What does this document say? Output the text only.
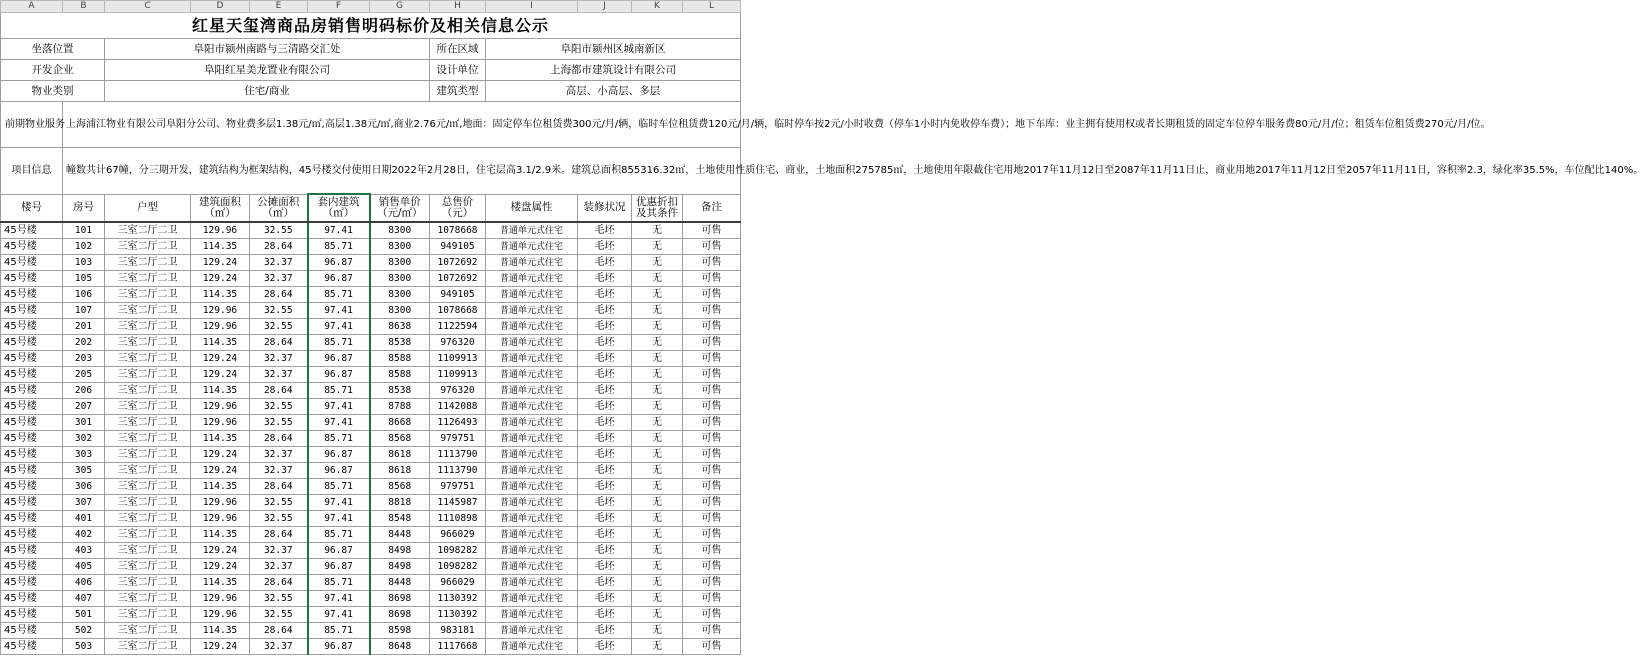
A	B	C	D	E	F	G	H	I	J	K	L
红星天玺湾商品房销售明码标价及相关信息公示											
坐落位置		阜阳市颍州南路与三清路交汇处					所在区域	阜阳市颍州区城南新区			
开发企业		阜阳红星美龙置业有限公司					设计单位	上海都市建筑设计有限公司			
物业类别		住宅/商业					建筑类型	高层、小高层、多层			
前期物业服务	上海浦江物业有限公司阜阳分公司、物业费多层1.38元/㎡,高层1.38元/㎡,商业2.76元/㎡,地面：固定停车位租赁费300元/月/辆，临时车位租赁费120元/月/辆，临时停车按2元/小时收费（停车1小时内免收停车费）；地下车库：业主拥有使用权或者长期租赁的固定车位停车服务费80元/月/位；租赁车位租赁费270元/月/位。										
项目信息	幢数共计67幢，分三期开发，建筑结构为框架结构，45号楼交付使用日期2022年2月28日，住宅层高3.1/2.9米。建筑总面积855316.32㎡，土地使用性质住宅、商业，土地面积275785㎡，土地使用年限截住宅用地2017年11月12日至2087年11月11日止，商业用地2017年11月12日至2057年11月11日，容积率2.3，绿化率35.5%，车位配比140%。										
楼号	房号	户型	建筑面积（㎡）	公摊面积（㎡）	套内建筑（㎡）	销售单价（元/㎡）	总售价（元）	楼盘属性	装修状况	优惠折扣及其条件	备注
45号楼	101	三室二厅二卫	129.96	32.55	97.41	8300	1078668	普通单元式住宅	毛坯	无	可售
45号楼	102	三室二厅二卫	114.35	28.64	85.71	8300	949105	普通单元式住宅	毛坯	无	可售
45号楼	103	三室二厅二卫	129.24	32.37	96.87	8300	1072692	普通单元式住宅	毛坯	无	可售
45号楼	105	三室二厅二卫	129.24	32.37	96.87	8300	1072692	普通单元式住宅	毛坯	无	可售
45号楼	106	三室二厅二卫	114.35	28.64	85.71	8300	949105	普通单元式住宅	毛坯	无	可售
45号楼	107	三室二厅二卫	129.96	32.55	97.41	8300	1078668	普通单元式住宅	毛坯	无	可售
45号楼	201	三室二厅二卫	129.96	32.55	97.41	8638	1122594	普通单元式住宅	毛坯	无	可售
45号楼	202	三室二厅二卫	114.35	28.64	85.71	8538	976320	普通单元式住宅	毛坯	无	可售
45号楼	203	三室二厅二卫	129.24	32.37	96.87	8588	1109913	普通单元式住宅	毛坯	无	可售
45号楼	205	三室二厅二卫	129.24	32.37	96.87	8588	1109913	普通单元式住宅	毛坯	无	可售
45号楼	206	三室二厅二卫	114.35	28.64	85.71	8538	976320	普通单元式住宅	毛坯	无	可售
45号楼	207	三室二厅二卫	129.96	32.55	97.41	8788	1142088	普通单元式住宅	毛坯	无	可售
45号楼	301	三室二厅二卫	129.96	32.55	97.41	8668	1126493	普通单元式住宅	毛坯	无	可售
45号楼	302	三室二厅二卫	114.35	28.64	85.71	8568	979751	普通单元式住宅	毛坯	无	可售
45号楼	303	三室二厅二卫	129.24	32.37	96.87	8618	1113790	普通单元式住宅	毛坯	无	可售
45号楼	305	三室二厅二卫	129.24	32.37	96.87	8618	1113790	普通单元式住宅	毛坯	无	可售
45号楼	306	三室二厅二卫	114.35	28.64	85.71	8568	979751	普通单元式住宅	毛坯	无	可售
45号楼	307	三室二厅二卫	129.96	32.55	97.41	8818	1145987	普通单元式住宅	毛坯	无	可售
45号楼	401	三室二厅二卫	129.96	32.55	97.41	8548	1110898	普通单元式住宅	毛坯	无	可售
45号楼	402	三室二厅二卫	114.35	28.64	85.71	8448	966029	普通单元式住宅	毛坯	无	可售
45号楼	403	三室二厅二卫	129.24	32.37	96.87	8498	1098282	普通单元式住宅	毛坯	无	可售
45号楼	405	三室二厅二卫	129.24	32.37	96.87	8498	1098282	普通单元式住宅	毛坯	无	可售
45号楼	406	三室二厅二卫	114.35	28.64	85.71	8448	966029	普通单元式住宅	毛坯	无	可售
45号楼	407	三室二厅二卫	129.96	32.55	97.41	8698	1130392	普通单元式住宅	毛坯	无	可售
45号楼	501	三室二厅二卫	129.96	32.55	97.41	8698	1130392	普通单元式住宅	毛坯	无	可售
45号楼	502	三室二厅二卫	114.35	28.64	85.71	8598	983181	普通单元式住宅	毛坯	无	可售
45号楼	503	三室二厅二卫	129.24	32.37	96.87	8648	1117668	普通单元式住宅	毛坯	无	可售
